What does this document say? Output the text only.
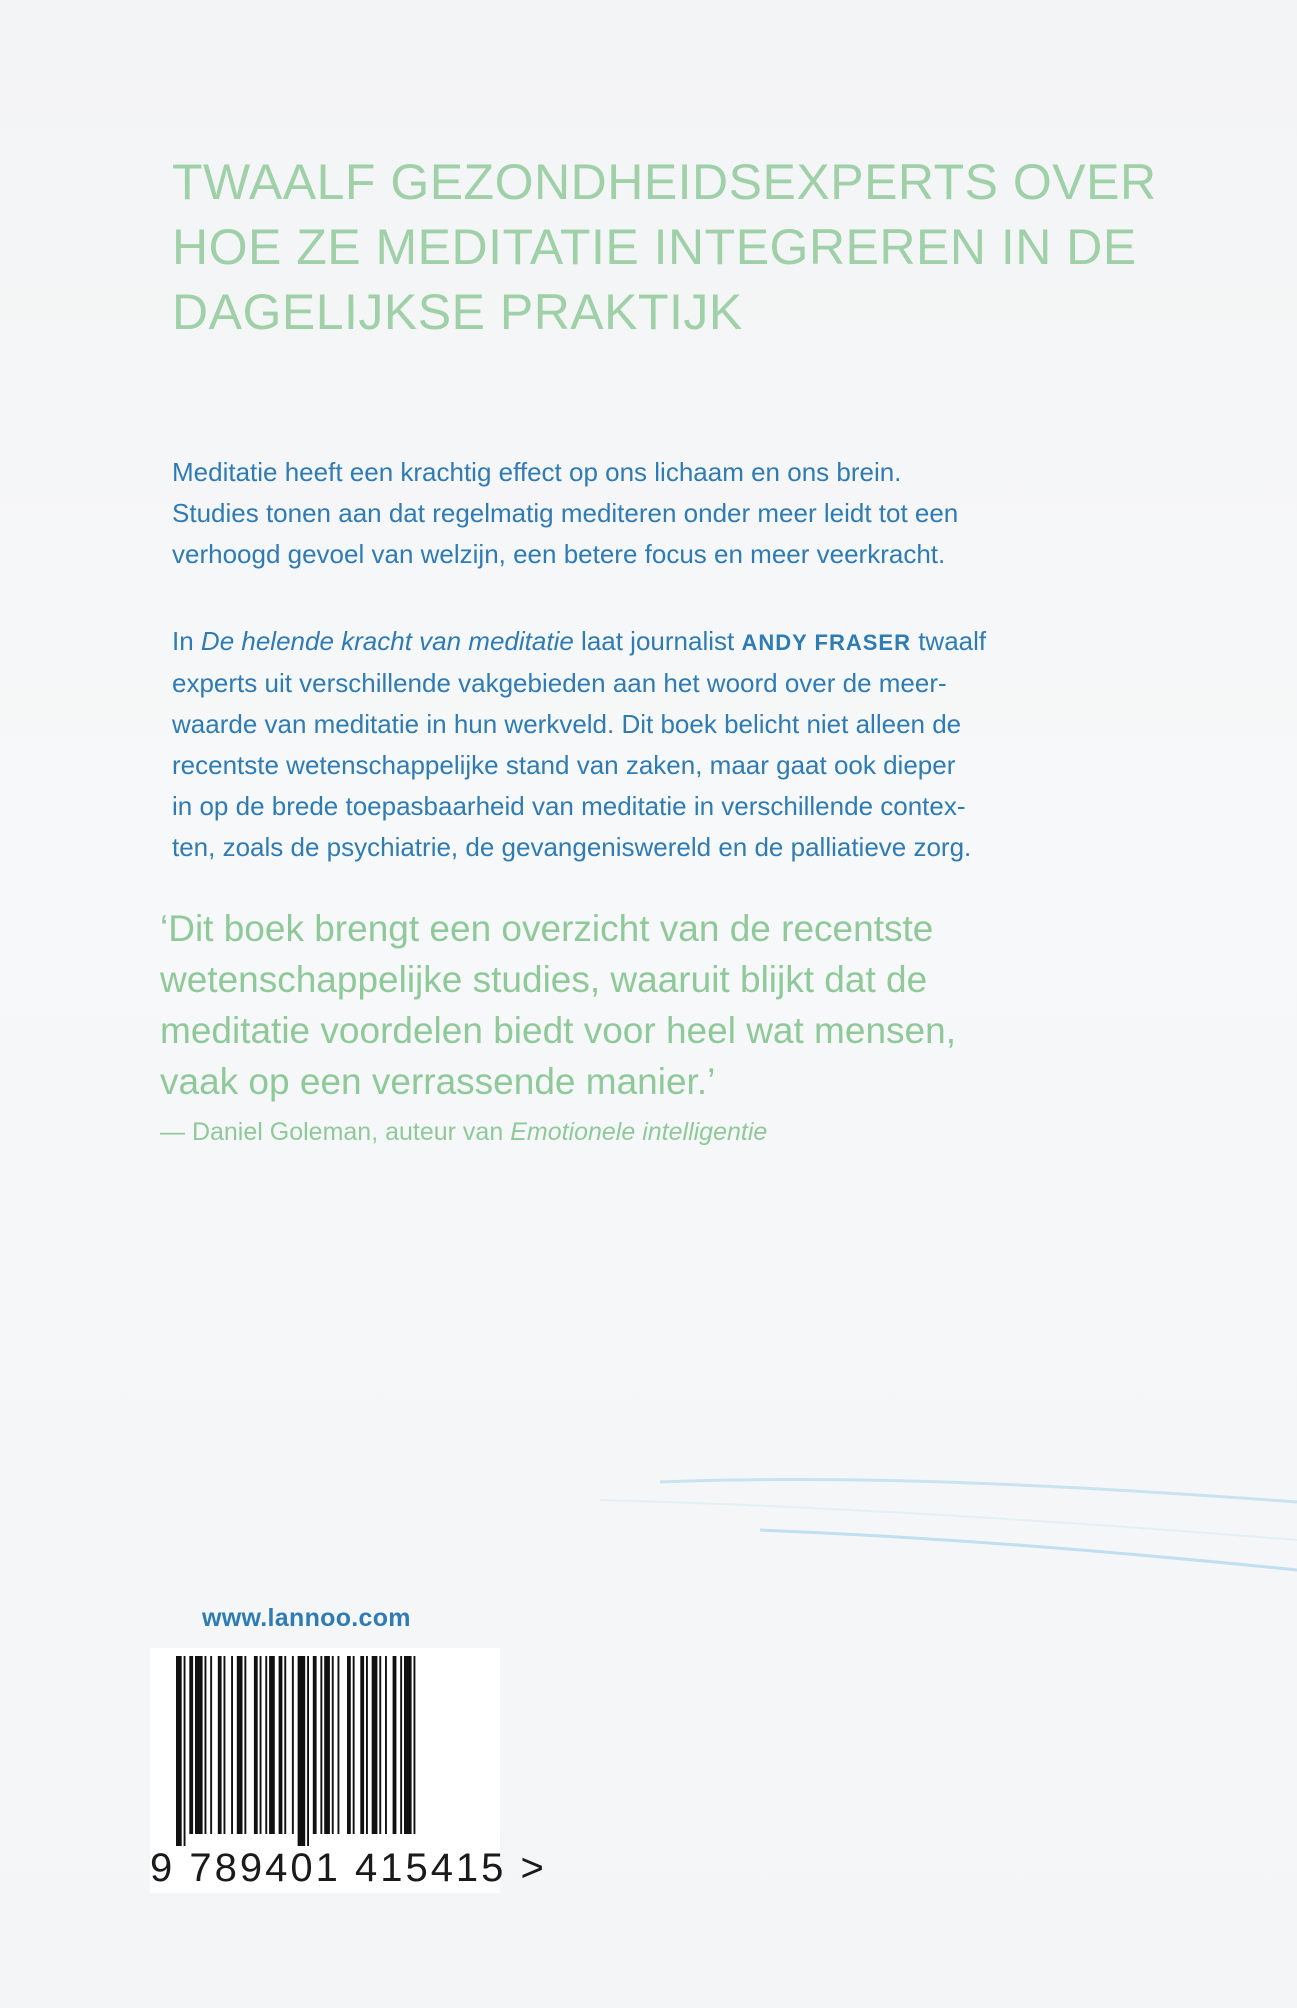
TWAALF GEZONDHEIDSEXPERTS OVER
HOE ZE MEDITATIE INTEGREREN IN DE
DAGELIJKSE PRAKTIJK

Meditatie heeft een krachtig effect op ons lichaam en ons brein.
Studies tonen aan dat regelmatig mediteren onder meer leidt tot een
verhoogd gevoel van welzijn, een betere focus en meer veerkracht.

In De helende kracht van meditatie laat journalist ANDY FRASER twaalf
experts uit verschillende vakgebieden aan het woord over de meer-
waarde van meditatie in hun werkveld. Dit boek belicht niet alleen de
recentste wetenschappelijke stand van zaken, maar gaat ook dieper
in op de brede toepasbaarheid van meditatie in verschillende contex-
ten, zoals de psychiatrie, de gevangeniswereld en de palliatieve zorg.

‘Dit boek brengt een overzicht van de recentste
wetenschappelijke studies, waaruit blijkt dat de
meditatie voordelen biedt voor heel wat mensen,
vaak op een verrassende manier.’
— Daniel Goleman, auteur van Emotionele intelligentie
www.lannoo.com
9 789401 415415 >
